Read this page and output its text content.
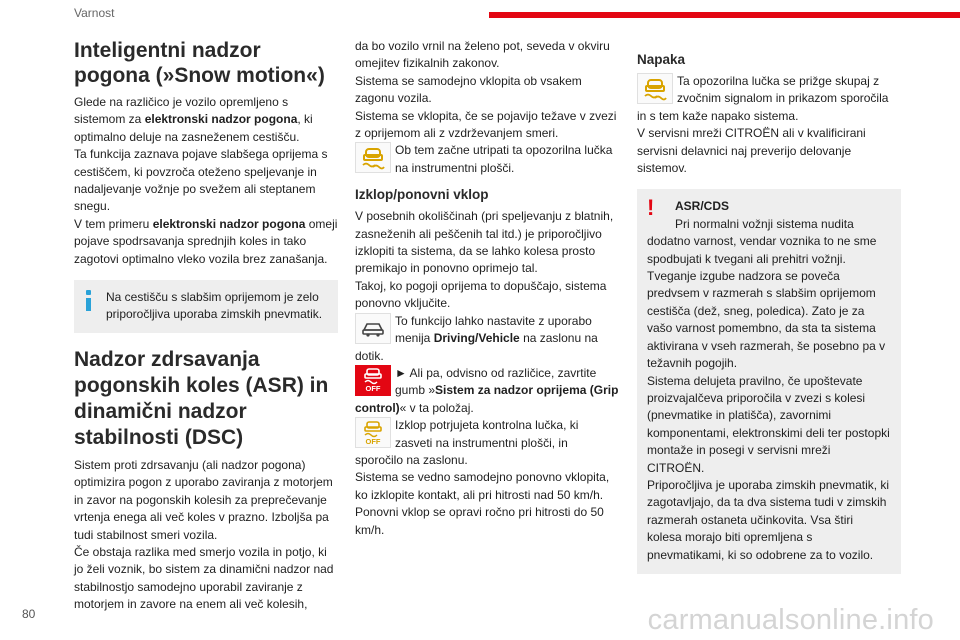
Varnost
Inteligentni nadzor pogona (»Snow motion«)

Glede na različico je vozilo opremljeno s sistemom za elektronski nadzor pogona, ki optimalno deluje na zasneženem cestišču.

Ta funkcija zaznava pojave slabšega oprijema s cestiščem, ki povzroča oteženo speljevanje in nadaljevanje vožnje po svežem ali steptanem snegu.

V tem primeru elektronski nadzor pogona omeji pojave spodrsavanja sprednjih koles in tako zagotovi optimalno vleko vozila brez zanašanja.

Na cestišču s slabšim oprijemom je zelo priporočljiva uporaba zimskih pnevmatik.

Nadzor zdrsavanja pogonskih koles (ASR) in dinamični nadzor stabilnosti (DSC)

Sistem proti zdrsavanju (ali nadzor pogona) optimizira pogon z uporabo zaviranja z motorjem in zavor na pogonskih kolesih za preprečevanje vrtenja enega ali več koles v prazno. Izboljša pa tudi stabilnost smeri vozila.

Če obstaja razlika med smerjo vozila in potjo, ki jo želi voznik, bo sistem za dinamični nadzor nad stabilnostjo samodejno uporabil zaviranje z motorjem in zavore na enem ali več kolesih,

da bo vozilo vrnil na želeno pot, seveda v okviru omejitev fizikalnih zakonov.

Sistema se samodejno vklopita ob vsakem zagonu vozila.

Sistema se vklopita, če se pojavijo težave v zvezi z oprijemom ali z vzdrževanjem smeri.

Ob tem začne utripati ta opozorilna lučka na instrumentni plošči.

Izklop/ponovni vklop

V posebnih okoliščinah (pri speljevanju z blatnih, zasneženih ali peščenih tal itd.) je priporočljivo izklopiti ta sistema, da se lahko kolesa prosto premikajo in ponovno oprimejo tal.

Takoj, ko pogoji oprijema to dopuščajo, sistema ponovno vključite.

To funkcijo lahko nastavite z uporabo menija Driving/Vehicle na zaslonu na dotik.

OFF

► Ali pa, odvisno od različice, zavrtite gumb »Sistem za nadzor oprijema (Grip control)« v ta položaj.

OFF

Izklop potrjujeta kontrolna lučka, ki zasveti na instrumentni plošči, in sporočilo na zaslonu.

Sistema se vedno samodejno ponovno vklopita, ko izklopite kontakt, ali pri hitrosti nad 50 km/h.

Ponovni vklop se opravi ročno pri hitrosti do 50 km/h.

Napaka

Ta opozorilna lučka se prižge skupaj z zvočnim signalom in prikazom sporočila in s tem kaže napako sistema.

V servisni mreži CITROËN ali v kvalificirani servisni delavnici naj preverijo delovanje sistemov.

!	ASR/CDS

Pri normalni vožnji sistema nudita dodatno varnost, vendar voznika to ne sme spodbujati k tvegani ali prehitri vožnji. Tveganje izgube nadzora se poveča predvsem v razmerah s slabšim oprijemom cestišča (dež, sneg, poledica). Zato je za vašo varnost pomembno, da sta ta sistema aktivirana v vseh razmerah, še posebno pa v težavnih pogojih.

Sistema delujeta pravilno, če upoštevate proizvajalčeva priporočila v zvezi s kolesi (pnevmatike in platišča), zavornimi komponentami, elektronskimi deli ter postopki montaže in posegi v servisni mreži CITROËN.

Priporočljiva je uporaba zimskih pnevmatik, ki zagotavljajo, da ta dva sistema tudi v zimskih razmerah ostaneta učinkovita. Vsa štiri kolesa morajo biti opremljena s pnevmatikami, ki so odobrene za to vozilo.

80	carmanualsonline.info
